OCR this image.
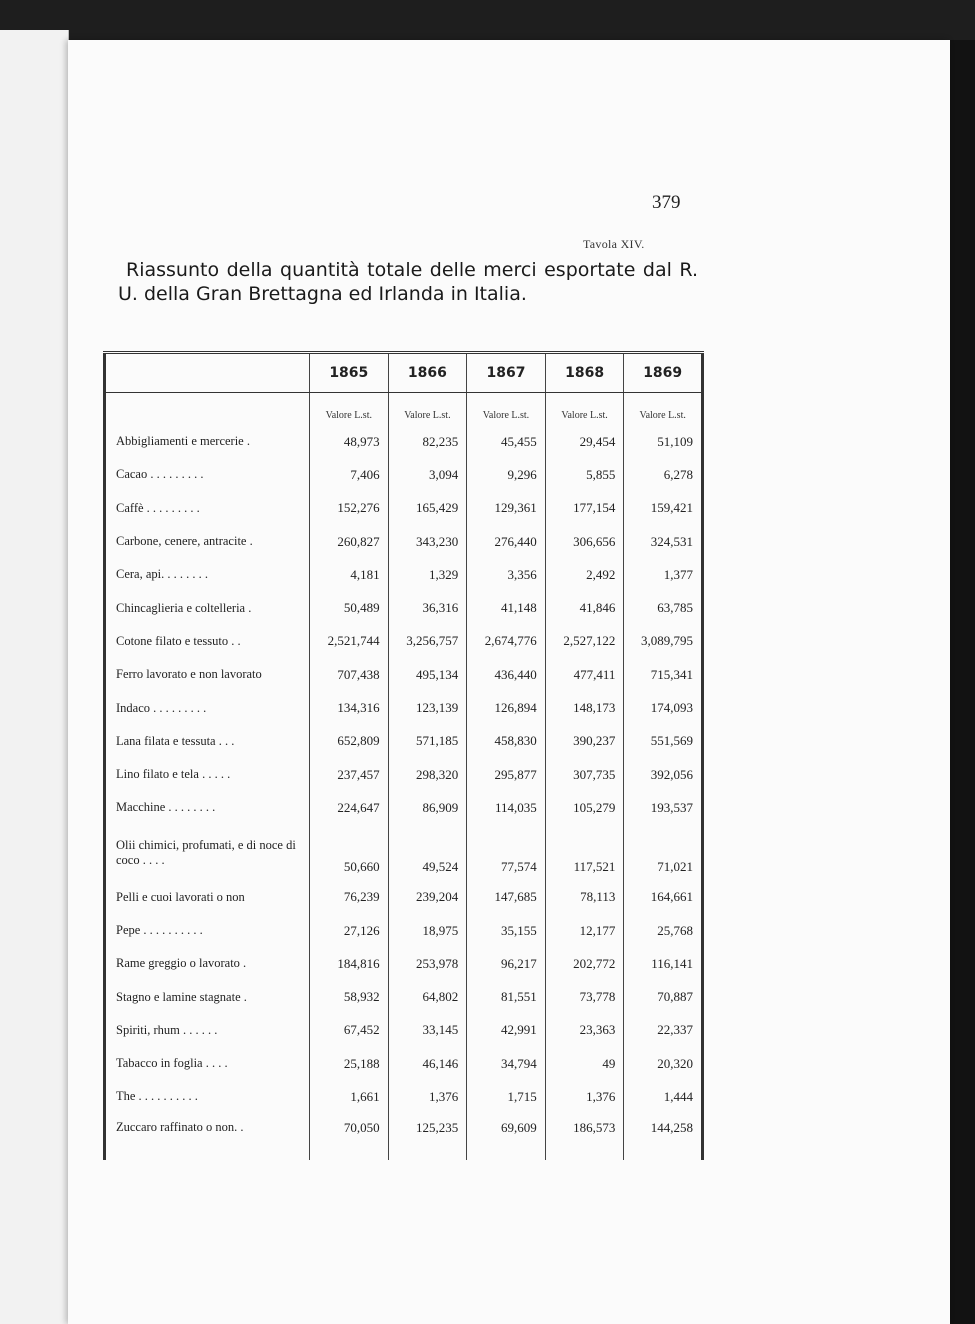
379
Tavola XIV.
Riassunto della quantità totale delle merci esportate dal R. U. della Gran Brettagna ed Irlanda in Italia.
	1865	1866	1867	1868	1869
	Valore L.st.	Valore L.st.	Valore L.st.	Valore L.st.	Valore L.st.
Abbigliamenti e mercerie .	48,973	82,235	45,455	29,454	51,109
Cacao . . . . . . . . .	7,406	3,094	9,296	5,855	6,278
Caffè . . . . . . . . .	152,276	165,429	129,361	177,154	159,421
Carbone, cenere, antracite .	260,827	343,230	276,440	306,656	324,531
Cera, api. . . . . . . .	4,181	1,329	3,356	2,492	1,377
Chincaglieria e coltelleria .	50,489	36,316	41,148	41,846	63,785
Cotone filato e tessuto . .	2,521,744	3,256,757	2,674,776	2,527,122	3,089,795
Ferro lavorato e non lavorato	707,438	495,134	436,440	477,411	715,341
Indaco . . . . . . . . .	134,316	123,139	126,894	148,173	174,093
Lana filata e tessuta . . .	652,809	571,185	458,830	390,237	551,569
Lino filato e tela . . . . .	237,457	298,320	295,877	307,735	392,056
Macchine . . . . . . . .	224,647	86,909	114,035	105,279	193,537
Olii chimici, profumati, e di noce di coco . . . .	50,660	49,524	77,574	117,521	71,021
Pelli e cuoi lavorati o non	76,239	239,204	147,685	78,113	164,661
Pepe . . . . . . . . . .	27,126	18,975	35,155	12,177	25,768
Rame greggio o lavorato .	184,816	253,978	96,217	202,772	116,141
Stagno e lamine stagnate .	58,932	64,802	81,551	73,778	70,887
Spiriti, rhum . . . . . .	67,452	33,145	42,991	23,363	22,337
Tabacco in foglia . . . .	25,188	46,146	34,794	49	20,320
The . . . . . . . . . .	1,661	1,376	1,715	1,376	1,444
Zuccaro raffinato o non. .	70,050	125,235	69,609	186,573	144,258
